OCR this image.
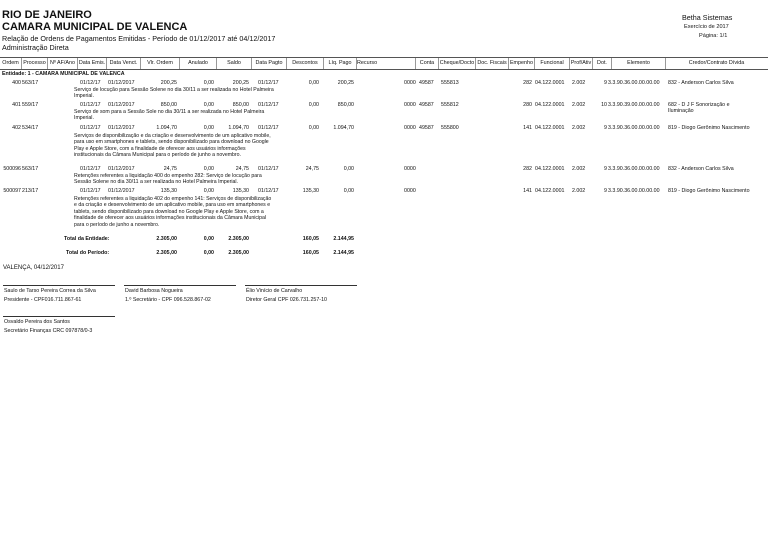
RIO DE JANEIRO
CAMARA MUNICIPAL DE VALENCA
Relação de Ordens de Pagamentos Emitidas - Período de 01/12/2017 até 04/12/2017
Administração Direta
Betha Sistemas
Exercício de 2017
Página: 1/1
Ordem Processo Nº AF/Ano Data Emis. Data Venct.	Vlr. Ordem	Anulado	Saldo	Data Pagto	Descontos	Líq. Pago	Recurso	Conta	Cheque/Docto Doc. Fiscais Empenho	Funcional	Prof/Ativ	Dot.	Elemento	Credor/Contrato Dívida
Entidade: 1 - CAMARA MUNICIPAL DE VALENCA
400 563/17	01/12/17 01/12/2017	200,25	0,00	200,25 01/12/17	0,00	200,25	0000 49587 555813	282 04.122.0001 2.002	9 3.3.90.36.00.00.00.00	832 - Anderson Carlos Silva
Serviço de locução para Sessão Solene no dia 30/11 a ser realizada no Hotel Palmeira Imperial.
401 559/17	01/12/17 01/12/2017	850,00	0,00	850,00 01/12/17	0,00	850,00	0000 49587 555812	280 04.122.0001 2.002	10 3.3.90.39.00.00.00.00	682 - D J F Sonorização e Iluminação
Serviço de som para a Sessão Sole no dia 30/11 a ser realizada no Hotel Palmeira Imperial.
402 534/17	01/12/17 01/12/2017	1.094,70	0,00	1.094,70 01/12/17	0,00	1.094,70	0000 49587 555800	141 04.122.0001 2.002	9 3.3.90.36.00.00.00.00	819 - Diogo Gerônimo Nascimento
Serviços de disponibilização e da criação e desenvolvimento de um aplicativo mobile, para uso em smartphones e tablets, sendo disponibilizado para download no Google Play e Apple Store, com a finalidade de oferecer aos usuários informações institucionais da Câmara Municipal para o período de junho a novembro.
500096 563/17	01/12/17 01/12/2017	24,75	0,00	24,75 01/12/17	24,75	0,00	0000	282 04.122.0001 2.002	9 3.3.90.36.00.00.00.00	832 - Anderson Carlos Silva
Retenções referentes a liquidação 400 do empenho 282: Serviço de locução para Sessão Solene no dia 30/11 a ser realizada no Hotel Palmeira Imperial.
500097 213/17	01/12/17 01/12/2017	135,30	0,00	135,30 01/12/17	135,30	0,00	0000	141 04.122.0001 2.002	9 3.3.90.36.00.00.00.00	819 - Diogo Gerônimo Nascimento
Retenções referentes a liquidação 402 do empenho 141: Serviços de disponibilização e da criação e desenvolvimento de um aplicativo mobile, para uso em smartphones e tablets, sendo disponibilizado para download no Google Play e Apple Store, com a finalidade de oferecer aos usuários informações institucionais da Câmara Municipal para o período de junho a novembro.
Total da Entidade:	2.305,00	0,00	2.305,00	160,05	2.144,95
Total do Período:	2.305,00	0,00	2.305,00	160,05	2.144,95
VALENÇA, 04/12/2017
Saulo de Tarso Pereira Correa da Silva
Presidente - CPF016.711.867-61
David Barbosa Nogueira
1.º Secretário - CPF 096.528.867-02
Élio Vinício de Carvalho
Diretor Geral CPF 026.731.257-10
Osvaldo Pereira dos Santos
Secretário Finanças CRC 097878/0-3
